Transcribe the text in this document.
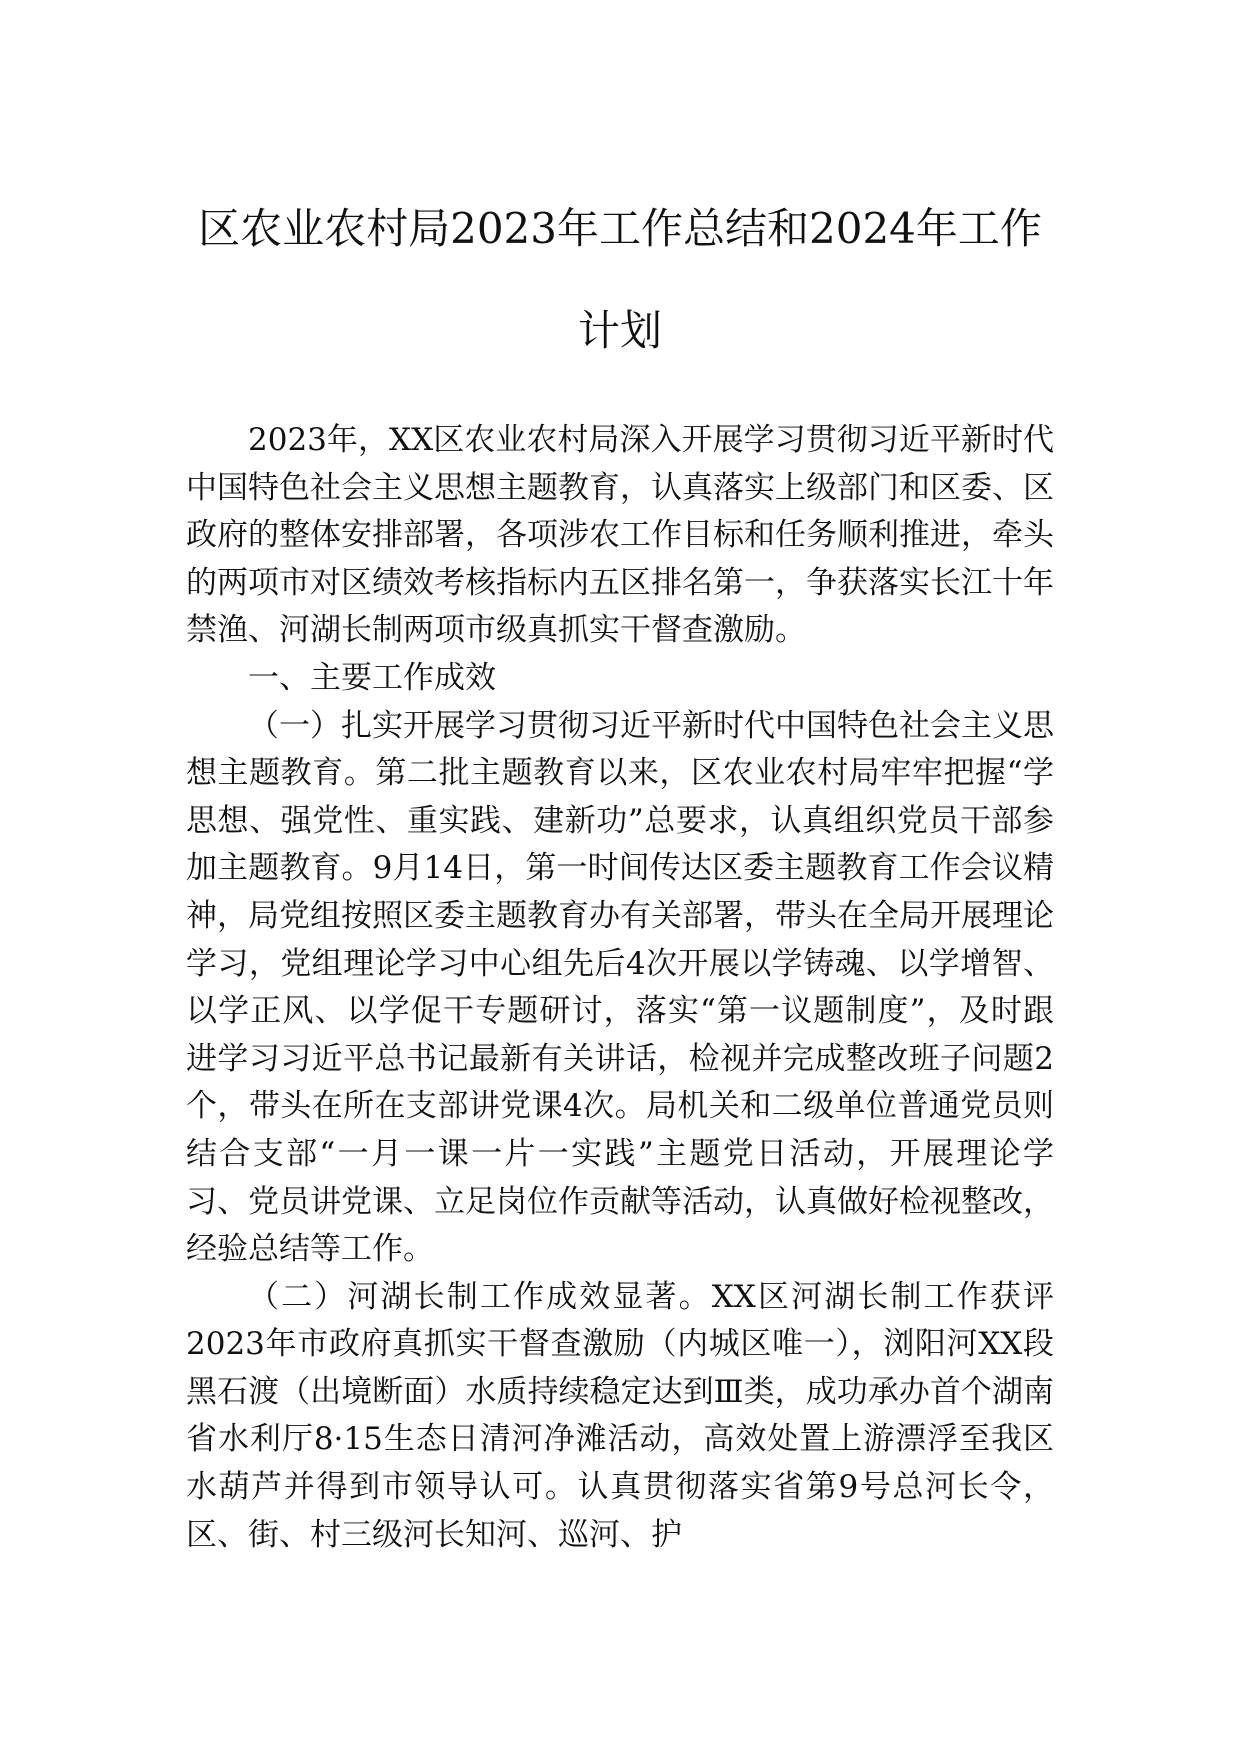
区农业农村局2023年工作总结和2024年工作计划

2023年，XX区农业农村局深入开展学习贯彻习近平新时代中国特色社会主义思想主题教育，认真落实上级部门和区委、区政府的整体安排部署，各项涉农工作目标和任务顺利推进，牵头的两项市对区绩效考核指标内五区排名第一，争获落实长江十年禁渔、河湖长制两项市级真抓实干督查激励。

一、主要工作成效

（一）扎实开展学习贯彻习近平新时代中国特色社会主义思想主题教育。第二批主题教育以来，区农业农村局牢牢把握“学思想、强党性、重实践、建新功”总要求，认真组织党员干部参加主题教育。9月14日，第一时间传达区委主题教育工作会议精神，局党组按照区委主题教育办有关部署，带头在全局开展理论学习，党组理论学习中心组先后4次开展以学铸魂、以学增智、以学正风、以学促干专题研讨，落实“第一议题制度”，及时跟进学习习近平总书记最新有关讲话，检视并完成整改班子问题2个，带头在所在支部讲党课4次。局机关和二级单位普通党员则结合支部“一月一课一片一实践”主题党日活动，开展理论学习、党员讲党课、立足岗位作贡献等活动，认真做好检视整改，经验总结等工作。

（二）河湖长制工作成效显著。XX区河湖长制工作获评2023年市政府真抓实干督查激励（内城区唯一），浏阳河XX段黑石渡（出境断面）水质持续稳定达到Ⅲ类，成功承办首个湖南省水利厅8·15生态日清河净滩活动，高效处置上游漂浮至我区水葫芦并得到市领导认可。认真贯彻落实省第9号总河长令，区、街、村三级河长知河、巡河、护
